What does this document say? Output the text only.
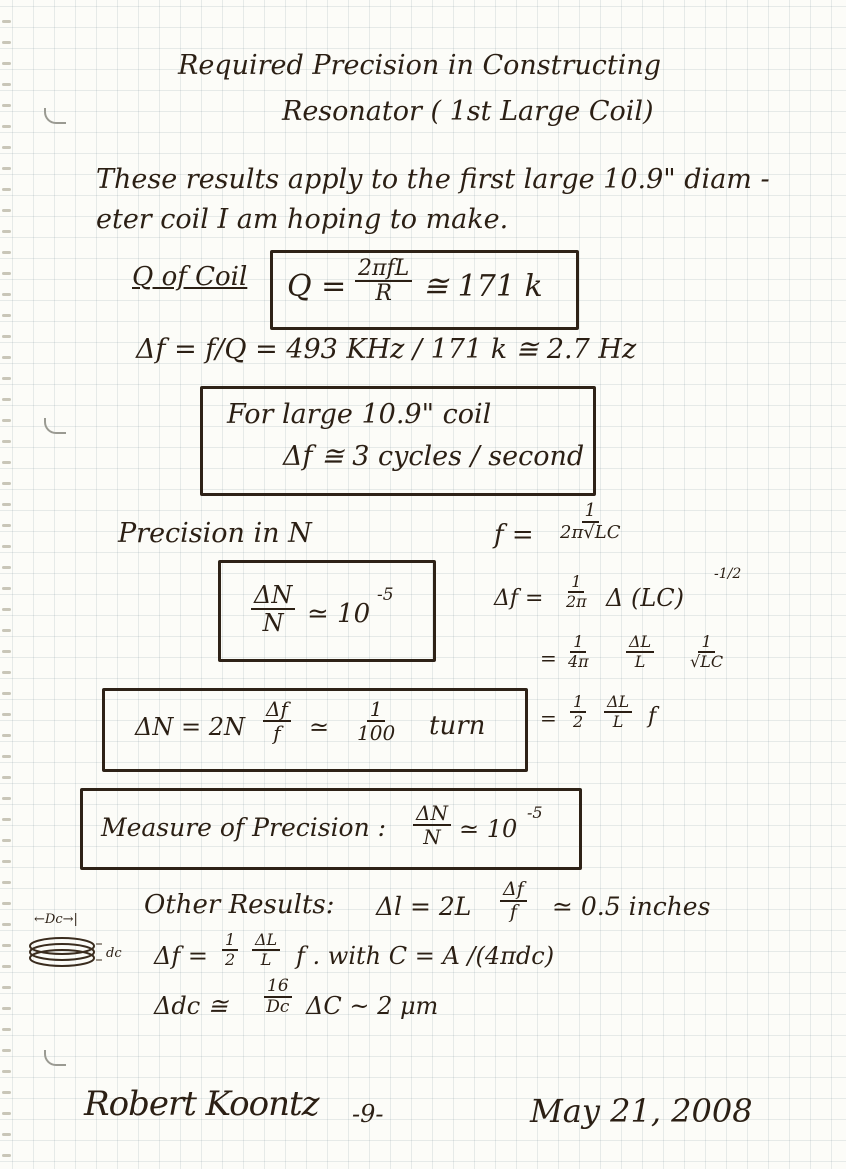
Required Precision in Constructing
Resonator ( 1st Large Coil)
These results apply to the first large 10.9" diam -
eter coil I am hoping to make.
Q of Coil Q =
2πfL
R ≅ 171 k
Δf = f/Q = 493 KHz / 171 k ≅ 2.7 Hz
For large 10.9" coil
Δf ≅ 3 cycles / second
Precision in N
$\frac{\Delta N}{N}$ ≃ 10
-5
$\Delta N = 2N \frac{\Delta f}{f}$ ≃ $\frac{1}{100}$ turn
Measure of Precision : $\frac{\Delta N}{N}$ ≃ 10
-5
$f = \frac{1}{2\pi√LC}$
$\Delta f = \frac{1}{2\pi}$ Δ (LC)
-1/2
= $\frac{1}{4\pi} \frac{\Delta L}{L} \frac{1}{√LC}$
= $\frac{1}{2} \frac{\Delta L}{L}$ f
Other Results: $\Delta l = 2L \frac{\Delta f}{f}$ ≃ 0.5 inches
←Dc→|
dc $\Delta f = \frac{1}{2} \frac{\Delta L}{L}$ f . with C = A /(4πdc)
Δdc ≅ $\frac{16}{Dc}$ ΔC ~ 2 μm
Robert Koontz -9-	May 21, 2008
